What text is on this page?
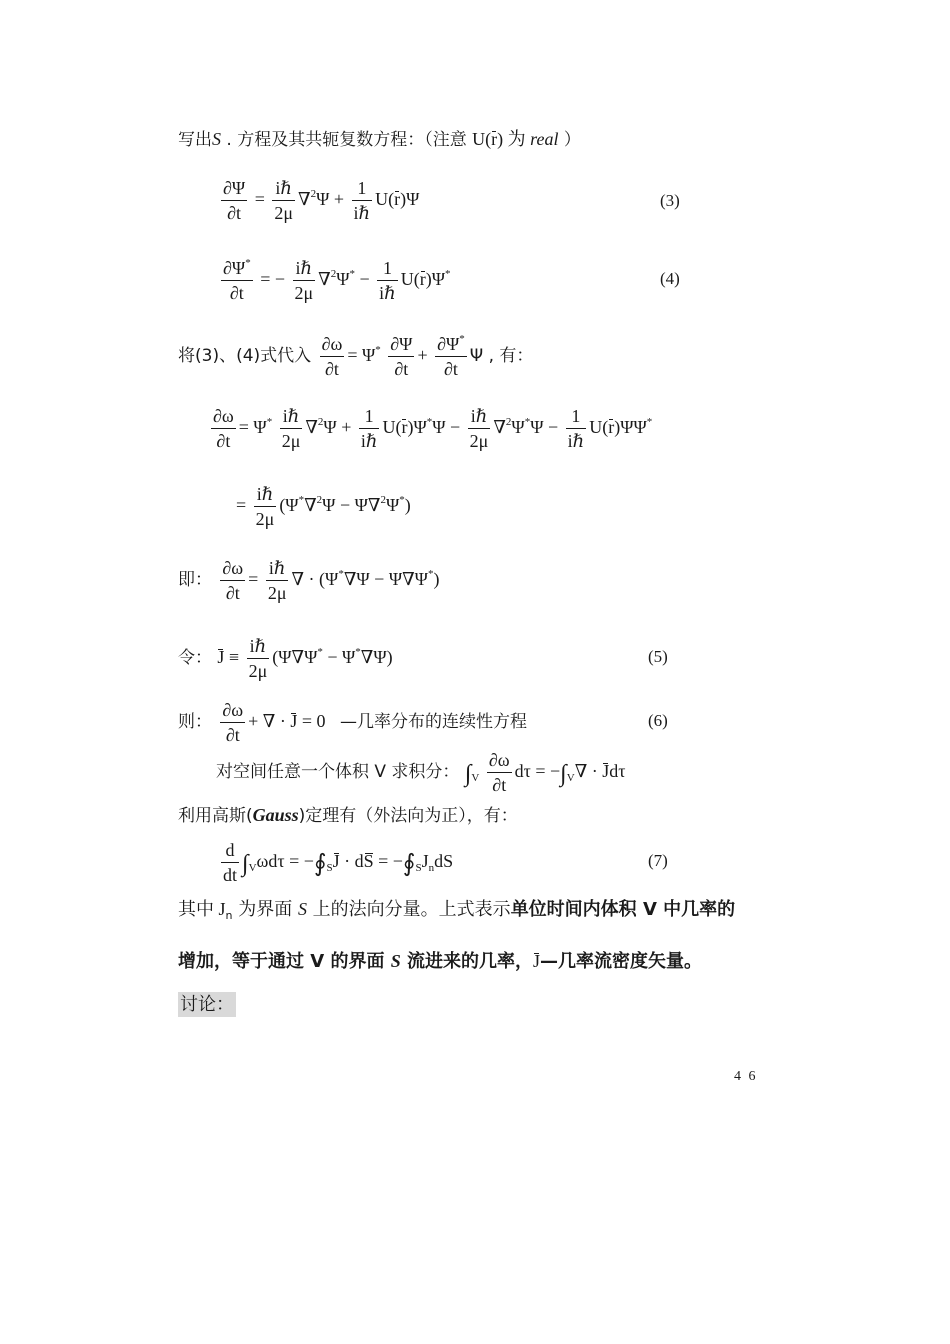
写出S . 方程及其共轭复数方程：（注意 U(r) 为 real ）
$\frac{\partial\Psi}{\partial t} = \frac{\text{iℏ}}{2\mu} \nabla^2\Psi + \frac{1}{\text{iℏ}} U(r)\Psi$	(3)
$\frac{\partial\Psi^*}{\partial t}$ = − $\frac{\text{iℏ}}{2\mu} \nabla^2\Psi^* - \frac{1}{\text{iℏ}} U(r)\Psi^*$	(4)
将(3)、(4)式代入 $\frac{\partial\omega}{\partial t} = \Psi^* \frac{\partial\Psi}{\partial t} + \frac{\partial\Psi^*}{\partial t}$ Ψ , 有：
$\frac{\partial\omega}{\partial t} = \Psi^* \frac{\text{iℏ}}{2\mu} \nabla^2\Psi + \frac{1}{\text{iℏ}} U(r)\Psi^*\Psi - \frac{\text{iℏ}}{2\mu} \nabla^2\Psi^*\Psi - \frac{1}{\text{iℏ}} U(r)\Psi\Psi^*$
= $\frac{\text{iℏ}}{2\mu} (\Psi^*\nabla^2\Psi - \Psi\nabla^2\Psi^*)$
即： $\frac{\partial\omega}{\partial t} = \frac{\text{iℏ}}{2\mu}$ ∇ · (Ψ*∇Ψ − Ψ∇Ψ*)
令： $J \equiv \frac{\text{iℏ}}{2\mu} (\Psi\nabla\Psi^* - \Psi^*\nabla\Psi)$	(5)
则： $\frac{\partial\omega}{\partial t}$ + ∇ · J = 0 —几率分布的连续性方程	(6)
对空间任意一个体积 V 求积分： $\int_V \frac{\partial\omega}{\partial t}$ $d\tau = -\int_V\nabla \cdot Jd\tau$
利用高斯(Gauss)定理有（外法向为正），有：
$\frac{d}{dt} \int_V\omega d\tau$ = $-∮_SJ$ · dS = $-∮_SJ_ndS$	(7)
其中 $J_n$ 为界面 S 上的法向分量。上式表示单位时间内体积 V 中几率的
增加，等于通过 V 的界面 S 流进来的几率，J—几率流密度矢量。
讨论：
4 6
